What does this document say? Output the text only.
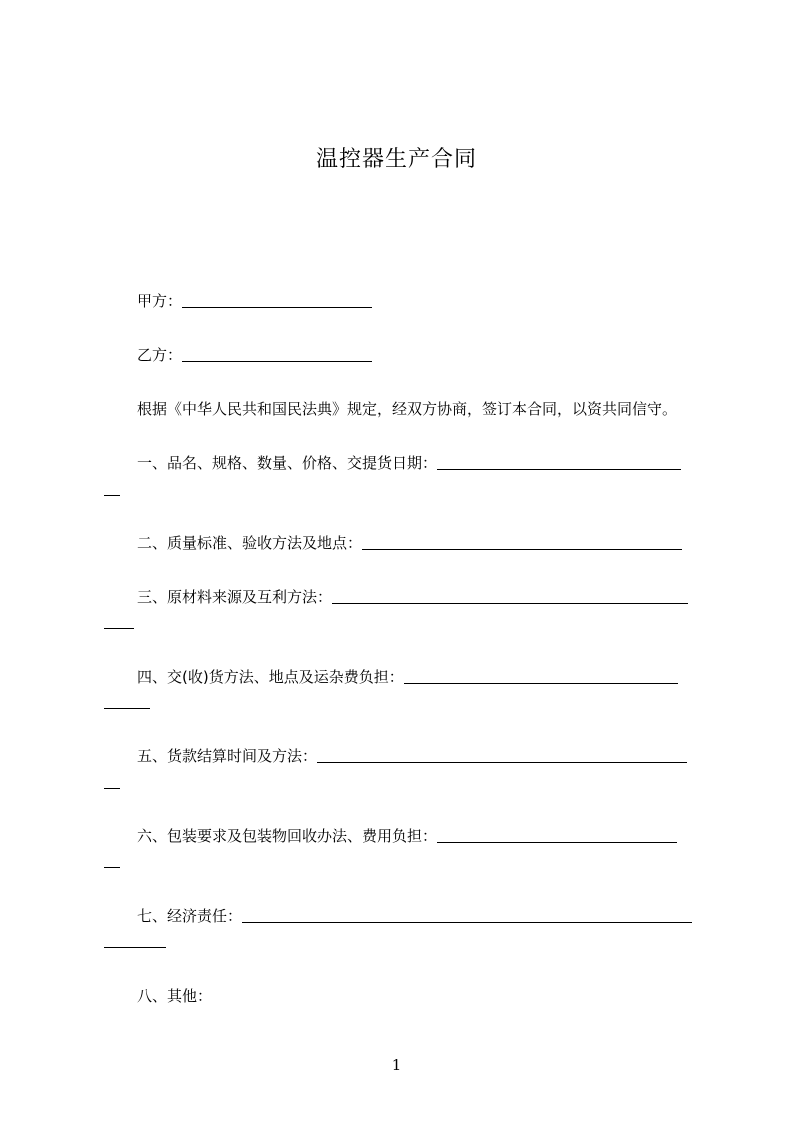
温控器生产合同
甲方：
乙方：
根据《中华人民共和国民法典》规定，经双方协商，签订本合同，以资共同信守。
一、品名、规格、数量、价格、交提货日期：
二、质量标准、验收方法及地点：
三、原材料来源及互利方法：
四、交(收)货方法、地点及运杂费负担：
五、货款结算时间及方法：
六、包装要求及包装物回收办法、费用负担：
七、经济责任：
八、其他：
1
